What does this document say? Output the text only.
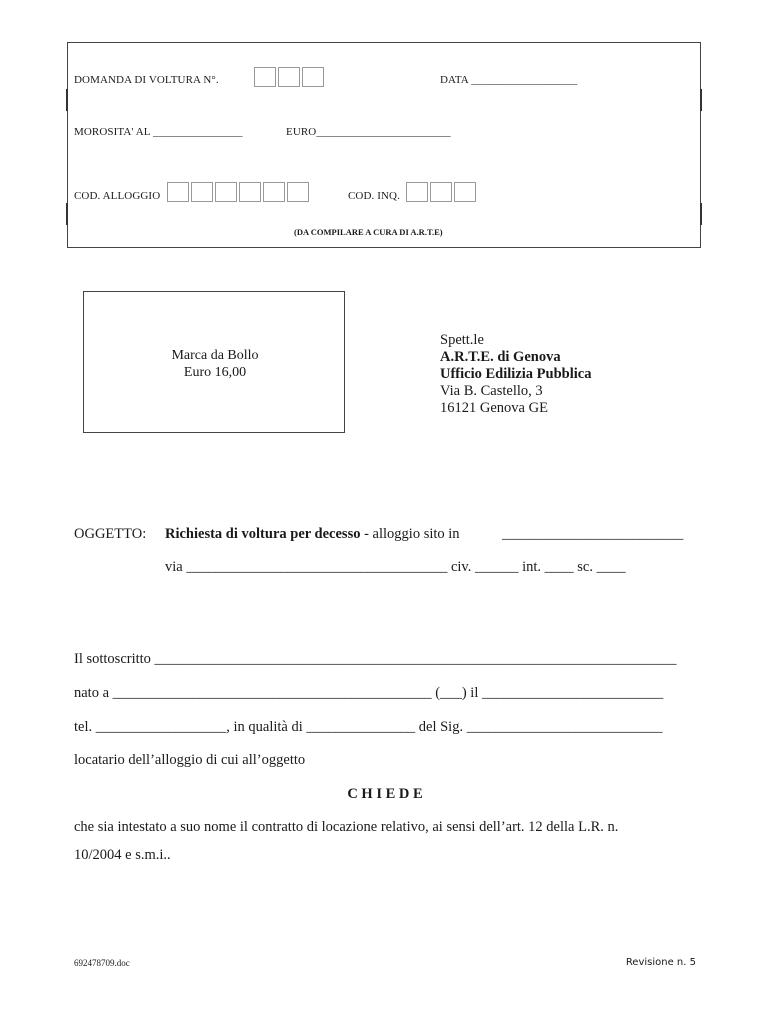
DOMANDA DI VOLTURA N°.	DATA ___________________
MOROSITA' AL ________________	EURO________________________
COD. ALLOGGIO	COD. INQ.
(DA COMPILARE A CURA DI A.R.T.E)
Marca da Bollo
Euro 16,00
Spett.le
A.R.T.E. di Genova
Ufficio Edilizia Pubblica
Via B. Castello, 3
16121 Genova GE
OGGETTO: Richiesta di voltura per decesso - alloggio sito in	_________________________
via ____________________________________ civ. ______ int. ____ sc. ____
Il sottoscritto ________________________________________________________________________
nato a ____________________________________________ (___) il _________________________
tel. __________________, in qualità di _______________ del Sig. ___________________________
locatario dell’alloggio di cui all’oggetto
C H I E D E
che sia intestato a suo nome il contratto di locazione relativo, ai sensi dell’art. 12 della L.R. n.
10/2004 e s.m.i..
692478709.doc	Revisione n. 5
